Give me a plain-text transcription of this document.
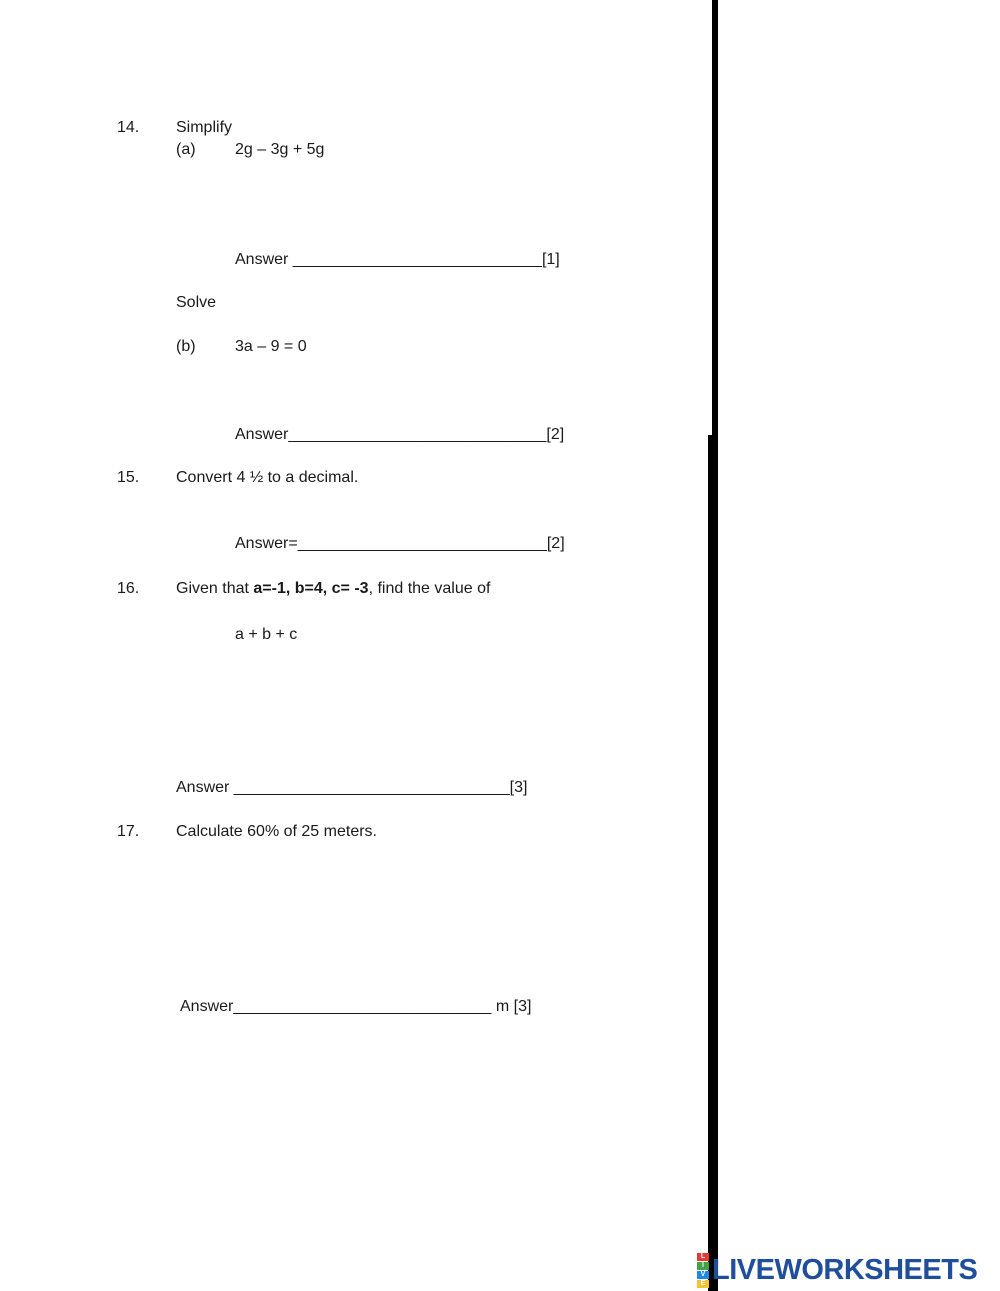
14. Simplify
(a) 2g – 3g + 5g
Answer ____________________________[1]
Solve
(b) 3a – 9 = 0
Answer_____________________________[2]
15. Convert 4 ½ to a decimal.
Answer=____________________________[2]
16. Given that a=-1, b=4, c= -3, find the value of
a + b + c
Answer _______________________________[3]
17. Calculate 60% of 25 meters.
Answer_____________________________ m [3]
L
I
V
E LIVEWORKSHEETS
